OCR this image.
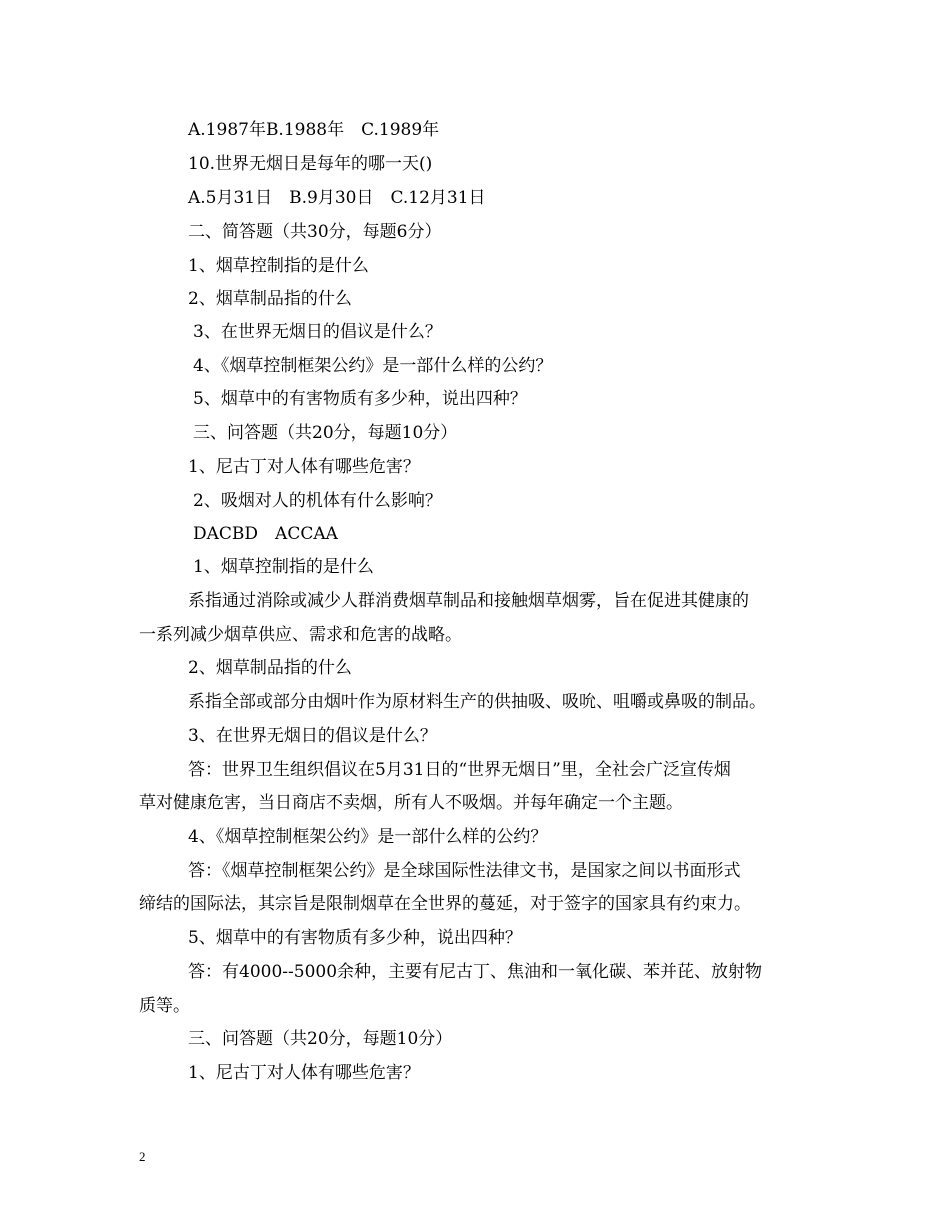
A.1987年B.1988年　C.1989年
10.世界无烟日是每年的哪一天()
A.5月31日　B.9月30日　C.12月31日
二、简答题（共30分，每题6分）
1、烟草控制指的是什么
2、烟草制品指的什么
3、在世界无烟日的倡议是什么？
4、《烟草控制框架公约》是一部什么样的公约？
5、烟草中的有害物质有多少种，说出四种？
三、问答题（共20分，每题10分）
1、尼古丁对人体有哪些危害？
2、吸烟对人的机体有什么影响？
DACBD　ACCAA
1、烟草控制指的是什么
系指通过消除或减少人群消费烟草制品和接触烟草烟雾，旨在促进其健康的
一系列减少烟草供应、需求和危害的战略。
2、烟草制品指的什么
系指全部或部分由烟叶作为原材料生产的供抽吸、吸吮、咀嚼或鼻吸的制品。
3、在世界无烟日的倡议是什么？
答：世界卫生组织倡议在5月31日的“世界无烟日”里，全社会广泛宣传烟
草对健康危害，当日商店不卖烟，所有人不吸烟。并每年确定一个主题。
4、《烟草控制框架公约》是一部什么样的公约？
答：《烟草控制框架公约》是全球国际性法律文书，是国家之间以书面形式
缔结的国际法，其宗旨是限制烟草在全世界的蔓延，对于签字的国家具有约束力。
5、烟草中的有害物质有多少种，说出四种？
答：有4000--5000余种，主要有尼古丁、焦油和一氧化碳、苯并芘、放射物
质等。
三、问答题（共20分，每题10分）
1、尼古丁对人体有哪些危害？
2
